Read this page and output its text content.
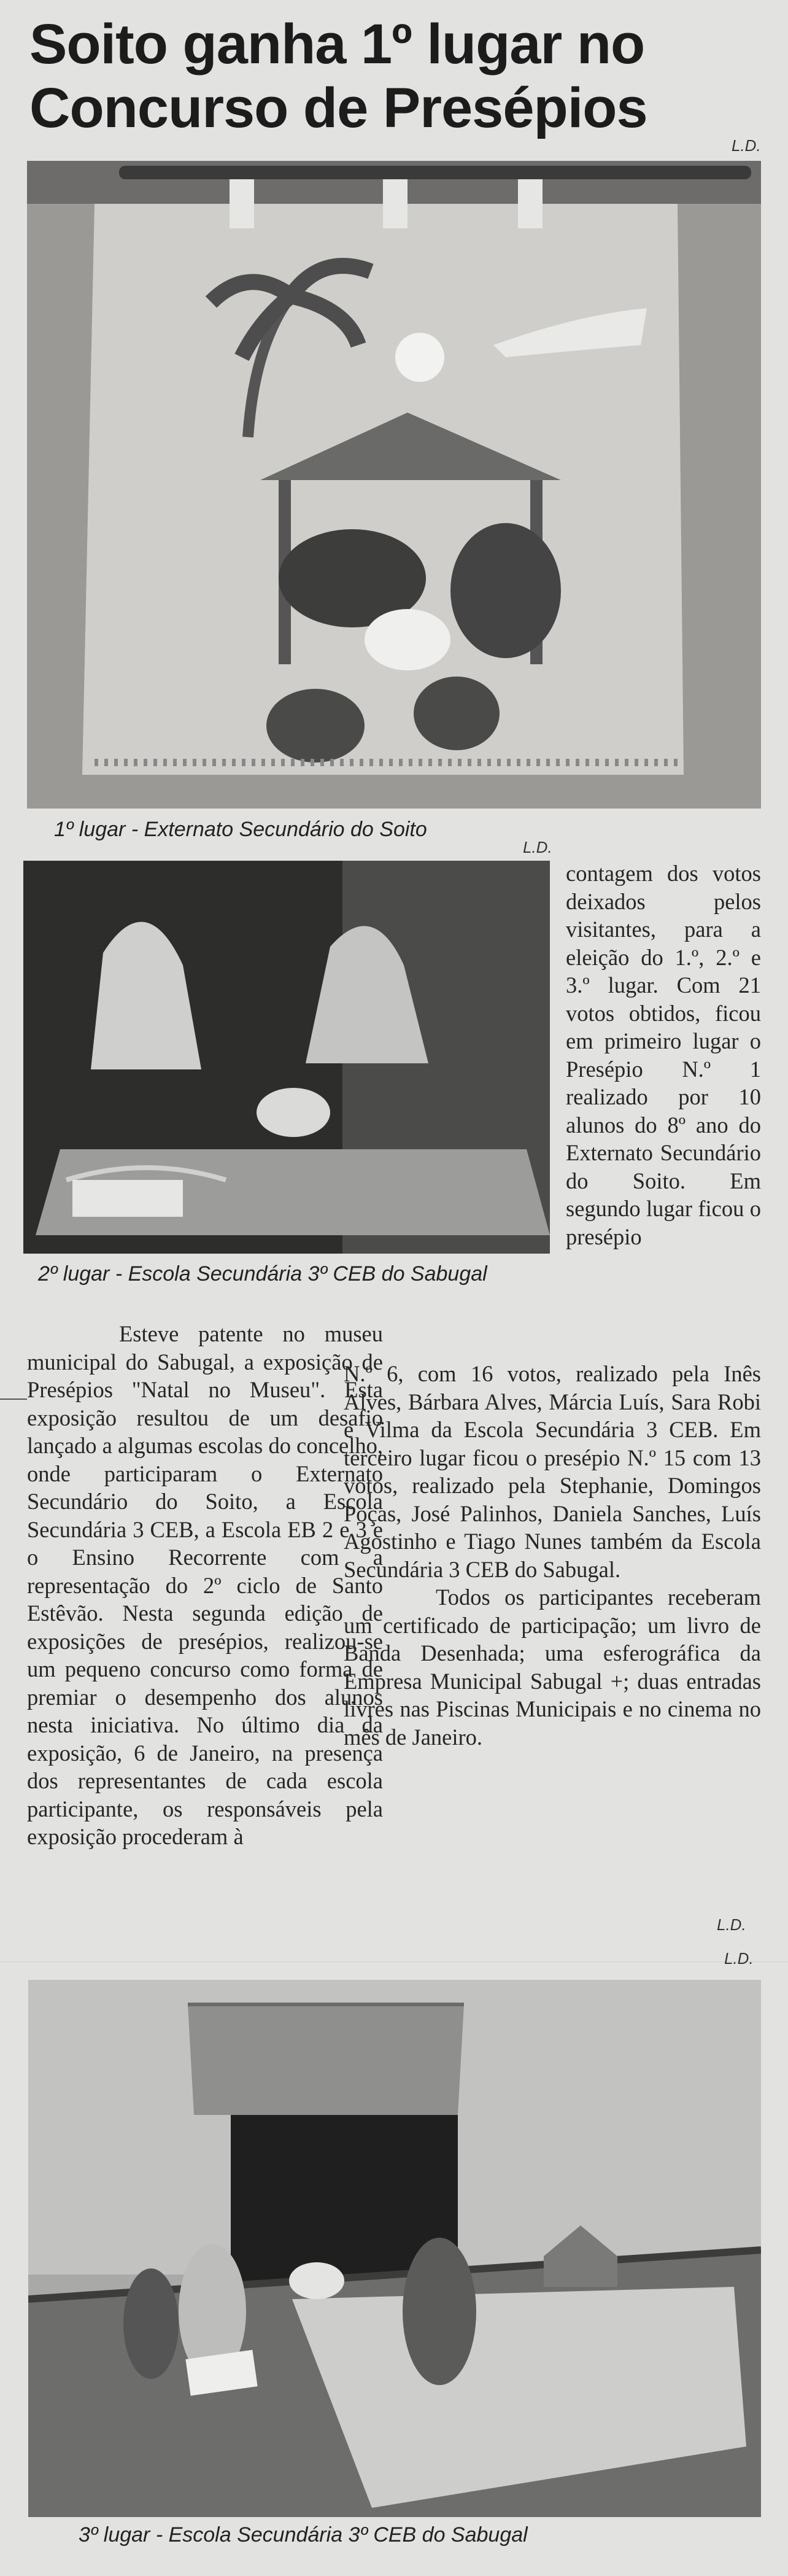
Soito ganha 1º lugar no Concurso de Presépios
L.D.
1º lugar - Externato Secundário do Soito
L.D.
2º lugar - Escola Secundária 3º CEB do Sabugal

contagem dos votos deixados pelos visitantes, para a eleição do 1.º, 2.º e 3.º lugar. Com 21 votos obtidos, ficou em primeiro lugar o Presépio N.º 1 realizado por 10 alunos do 8º ano do Externato Secundário do Soito. Em segundo lugar ficou o presépio

N.º 6, com 16 votos, realizado pela Inês Alves, Bárbara Alves, Márcia Luís, Sara Robi e Vilma da Escola Secundária 3 CEB. Em terceiro lugar ficou o presépio N.º 15 com 13 votos, realizado pela Stephanie, Domingos Poças, José Palinhos, Daniela Sanches, Luís Agostinho e Tiago Nunes também da Escola Secundária 3 CEB do Sabugal.

Todos os participantes receberam um certificado de participação; um livro de Banda Desenhada; uma esferográfica da Empresa Municipal Sabugal +; duas entradas livres nas Piscinas Municipais e no cinema no mês de Janeiro.

Esteve patente no museu municipal do Sabugal, a exposição de Presépios "Natal no Museu". Esta exposição resultou de um desafio lançado a algumas escolas do concelho, onde participaram o Externato Secundário do Soito, a Escola Secundária 3 CEB, a Escola EB 2 e 3 e o Ensino Recorrente com a representação do 2º ciclo de Santo Estêvão. Nesta segunda edição de exposições de presépios, realizou-se um pequeno concurso como forma de premiar o desempenho dos alunos nesta iniciativa. No último dia da exposição, 6 de Janeiro, na presença dos representantes de cada escola participante, os responsáveis pela exposição procederam à

L.D.
L.D.
3º lugar - Escola Secundária 3º CEB do Sabugal
